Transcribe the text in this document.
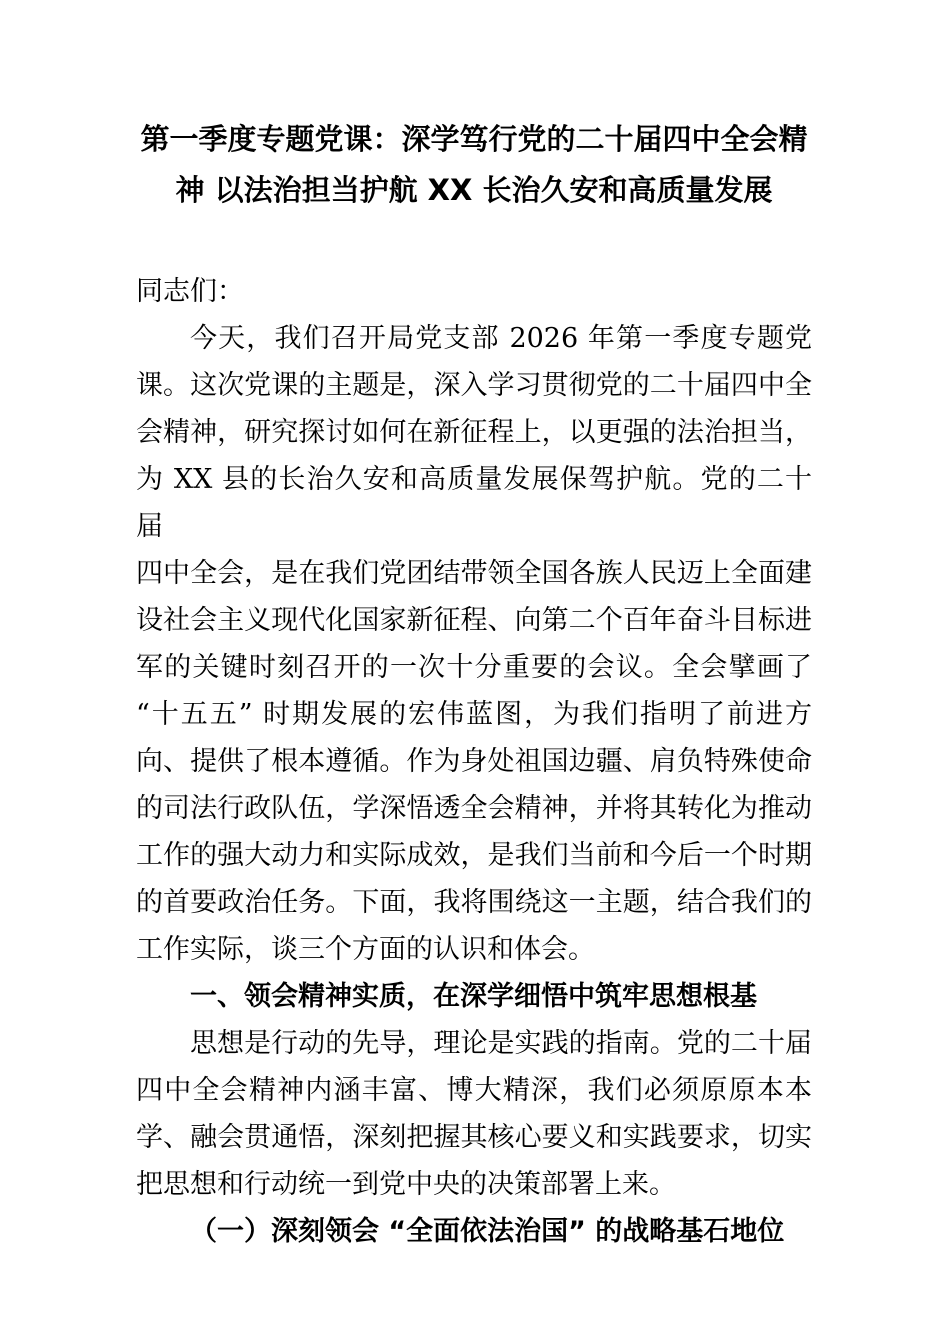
第一季度专题党课：深学笃行党的二十届四中全会精
神 以法治担当护航 XX 长治久安和高质量发展
同志们：
今天，我们召开局党支部 2026 年第一季度专题党
课。这次党课的主题是，深入学习贯彻党的二十届四中全
会精神，研究探讨如何在新征程上，以更强的法治担当，
为 XX 县的长治久安和高质量发展保驾护航。党的二十届
四中全会，是在我们党团结带领全国各族人民迈上全面建
设社会主义现代化国家新征程、向第二个百年奋斗目标进
军的关键时刻召开的一次十分重要的会议。全会擘画了
“十五五” 时期发展的宏伟蓝图，为我们指明了前进方
向、提供了根本遵循。作为身处祖国边疆、肩负特殊使命
的司法行政队伍，学深悟透全会精神，并将其转化为推动
工作的强大动力和实际成效，是我们当前和今后一个时期
的首要政治任务。下面，我将围绕这一主题，结合我们的
工作实际，谈三个方面的认识和体会。
一、领会精神实质，在深学细悟中筑牢思想根基
思想是行动的先导，理论是实践的指南。党的二十届
四中全会精神内涵丰富、博大精深，我们必须原原本本
学、融会贯通悟，深刻把握其核心要义和实践要求，切实
把思想和行动统一到党中央的决策部署上来。
（一）深刻领会 “全面依法治国” 的战略基石地位
